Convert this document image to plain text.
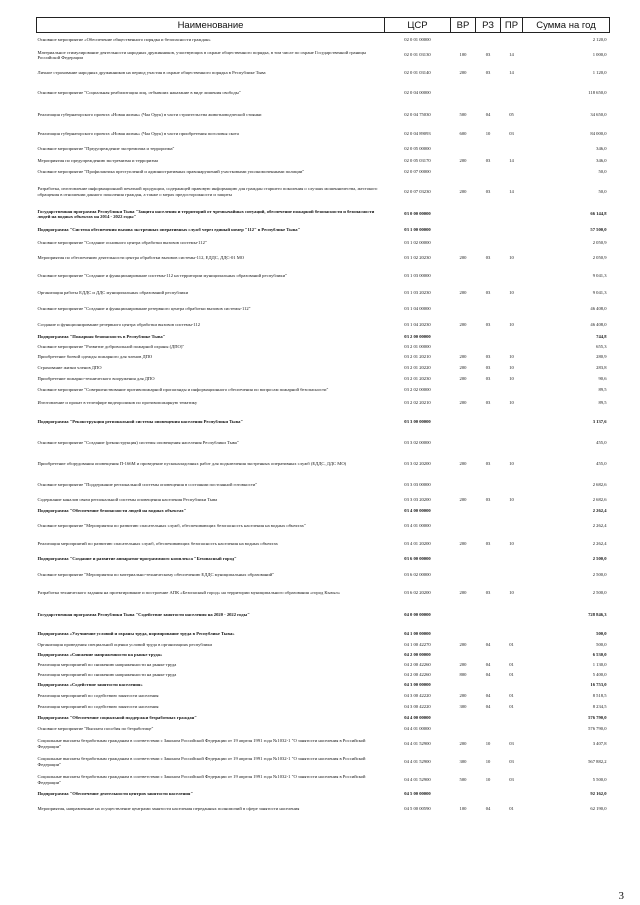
Наименование	ЦСР	ВР	РЗ	ПР	Сумма на год
Основное мероприятие «Обеспечение общественного порядка и безопасности граждан»	02 0 01 00000				2 120,0
Материальное стимулирование деятельности народных дружинников, участвующих в охране общественного порядка, в том числе по охране Государственной границы Российской Федерации	02 0 01 03130	100	03	14	1 000,0
Личное страхование народных дружинников на период участия в охране общественного порядка в Республике Тыва	02 0 01 03140	200	03	14	1 120,0
Основное мероприятие "Социальная реабилитация лиц, отбывших наказание в виде лишения свободы"	02 0 04 00000				118 650,0
Реализация губернаторского проекта «Новая жизнь» (Чаа Орук) в части строительства животноводческой стоянки	02 0 04 75030	500	04	05	34 650,0
Реализация губернаторского проекта «Новая жизнь» (Чаа Орук) в части приобретения поголовья скота	02 0 04 89093	600	10	03	84 000,0
Основное мероприятие "Предупреждение экстремизма и терроризма"	02 0 05 00000				346,0
Мероприятия по предупреждению экстремизма и терроризма	02 0 05 03170	200	03	14	346,0
Основное мероприятие "Профилактика преступлений и административных правонарушений участковыми уполномоченными полиции"	02 0 07 00000				50,0
Разработка, изготовление информационной печатной продукции, содержащей правовую информацию для граждан старшего поколения о случаях мошенничества, жестокого обращения в отношении данного поколения граждан, а также о мерах предосторожности и защиты	02 0 07 03230	200	03	14	50,0
Государственная программа Республики Тыва "Защита населения и территорий от чрезвычайных ситуаций, обеспечение пожарной безопасности и безопасности людей на водных объектах на 2014 - 2022 годы"	03 0 00 00000				66 144,8
Подпрограмма "Система обеспечения вызова экстренных оперативных служб через единый номер "112" в Республике Тыва"	03 1 00 00000				57 500,0
Основное мероприятие "Создание основного центра обработки вызовов системы-112"	03 1 02 00000				2 050,9
Мероприятия по обеспечению деятельности центра обработки вызовов системы-112, ЕДДС, ДДС-01 МО	03 1 02 20230	200	03	10	2 050,9
Основное мероприятие "Создание и функционирование системы-112 на территории муниципальных образований республики"	03 1 03 00000				9 041,3
Организация работы ЕДДС и ДДС муниципальных образований республики	03 1 03 20230	200	03	10	9 041,3
Основное мероприятие "Создание и функционирование резервного центра обработки вызовов системы-112"	03 1 04 00000				46 408,0
Создание и функционирование резервного центра обработки вызовов системы-112	03 1 04 20230	200	03	10	46 408,0
Подпрограмма "Пожарная безопасность в Республике Тыва"	03 2 00 00000				744,8
Основное мероприятие "Развитие добровольной пожарной охраны (ДПО)"	03 2 01 00000				655,3
Приобретение боевой одежды пожарного для членов ДПО	03 2 01 20210	200	03	10	280,9
Страхование жизни членов ДПО	03 2 01 20220	200	03	10	283,8
Приобретение пожарно-технического вооружения для ДПО	03 2 01 20230	200	03	10	90,6
Основное мероприятие "Совершенствование противопожарной пропаганды и информационного обеспечения по вопросам пожарной безопасности"	03 2 02 00000				89,5
Изготовление и прокат в телеэфире видеороликов по противопожарную тематику	03 2 02 20210	200	03	10	89,5
Подпрограмма "Реконструкция региональной системы оповещения населения Республики Тыва"	03 3 00 00000				3 137,6
Основное мероприятие "Создание (реконструкция) системы оповещения населения Республики Тыва"	03 3 02 00000				455,0
Приобретение оборудования оповещения П-166М и проведение пусконаладочных работ для подключения экстренных оперативных служб (ЕДДС, ДДС МО)	03 3 02 20200	200	03	10	455,0
Основное мероприятие "Поддержание региональной системы оповещения в состоянии постоянной готовности"	03 3 03 00000				2 682,6
Содержание каналов связи региональной системы оповещения населения Республики Тыва	03 3 03 20200	200	03	10	2 682,6
Подпрограмма "Обеспечение безопасности людей на водных объектах"	03 4 00 00000				2 262,4
Основное мероприятие "Мероприятия по развитию спасательных служб, обеспечивающих безопасность населения на водных объектах"	03 4 01 00000				2 262,4
Реализация мероприятий по развитию спасательных служб, обеспечивающих безопасность населения на водных объектах	03 4 01 20200	200	03	10	2 262,4
Подпрограмма "Создание и развитие аппаратно-программного комплекса "Безопасный город"	03 6 00 00000				2 500,0
Основное мероприятие "Мероприятия по материально-техническому обеспечению ЕДДС муниципальных образований"	03 6 02 00000				2 500,0
Разработка технического задания на проектирование и построение АПК «Безопасный город» на территории муниципального образования «город Кызыл»	03 6 02 20200	200	03	10	2 500,0
Государственная программа Республики Тыва "Содействие занятости населения на 2020 - 2022 годы"	04 0 00 00000				728 846,3
Подпрограмма «Улучшение условий и охраны труда, нормирование труда в Республике Тыва»	04 1 00 00000				500,0
Организация проведения специальной оценки условий труда в организациях республики	04 1 00 42270	200	04	01	500,0
Подпрограмма «Снижение напряженности на рынке труда»	04 2 00 00000				6 530,0
Реализация мероприятий по снижению напряженности на рынке труда	04 2 00 42260	200	04	01	1 130,0
Реализация мероприятий по снижению напряженности на рынке труда	04 2 00 42260	800	04	01	5 400,0
Подпрограмма «Содействие занятости населения»	04 3 00 00000				16 753,0
Реализация мероприятий по содействию занятости населения	04 3 00 42220	200	04	01	8 518,5
Реализация мероприятий по содействию занятости населения	04 3 00 42220	300	04	01	8 234,5
Подпрограмма "Обеспечение социальной поддержки безработных граждан"	04 4 00 00000				576 790,0
Основное мероприятие "Выплата пособия по безработице"	04 4 01 00000				576 790,0
Социальные выплаты безработным гражданам в соответствии с Законом Российской Федерации от 19 апреля 1991 года №1032-1 "О занятости населения в Российской Федерации"	04 4 01 52900	200	10	03	3 407,8
Социальные выплаты безработным гражданам в соответствии с Законом Российской Федерации от 19 апреля 1991 года №1032-1 "О занятости населения в Российской Федерации"	04 4 01 52900	300	10	03	567 882,2
Социальные выплаты безработным гражданам в соответствии с Законом Российской Федерации от 19 апреля 1991 года №1032-1 "О занятости населения в Российской Федерации"	04 4 01 52900	500	10	03	5 500,0
Подпрограмма "Обеспечение деятельности центров занятости населения"	04 5 00 00000				92 162,0
Мероприятия, направленные на осуществление центрами занятости населения переданных полномочий в сфере занятости населения	04 5 00 00590	100	04	01	62 190,0
3
